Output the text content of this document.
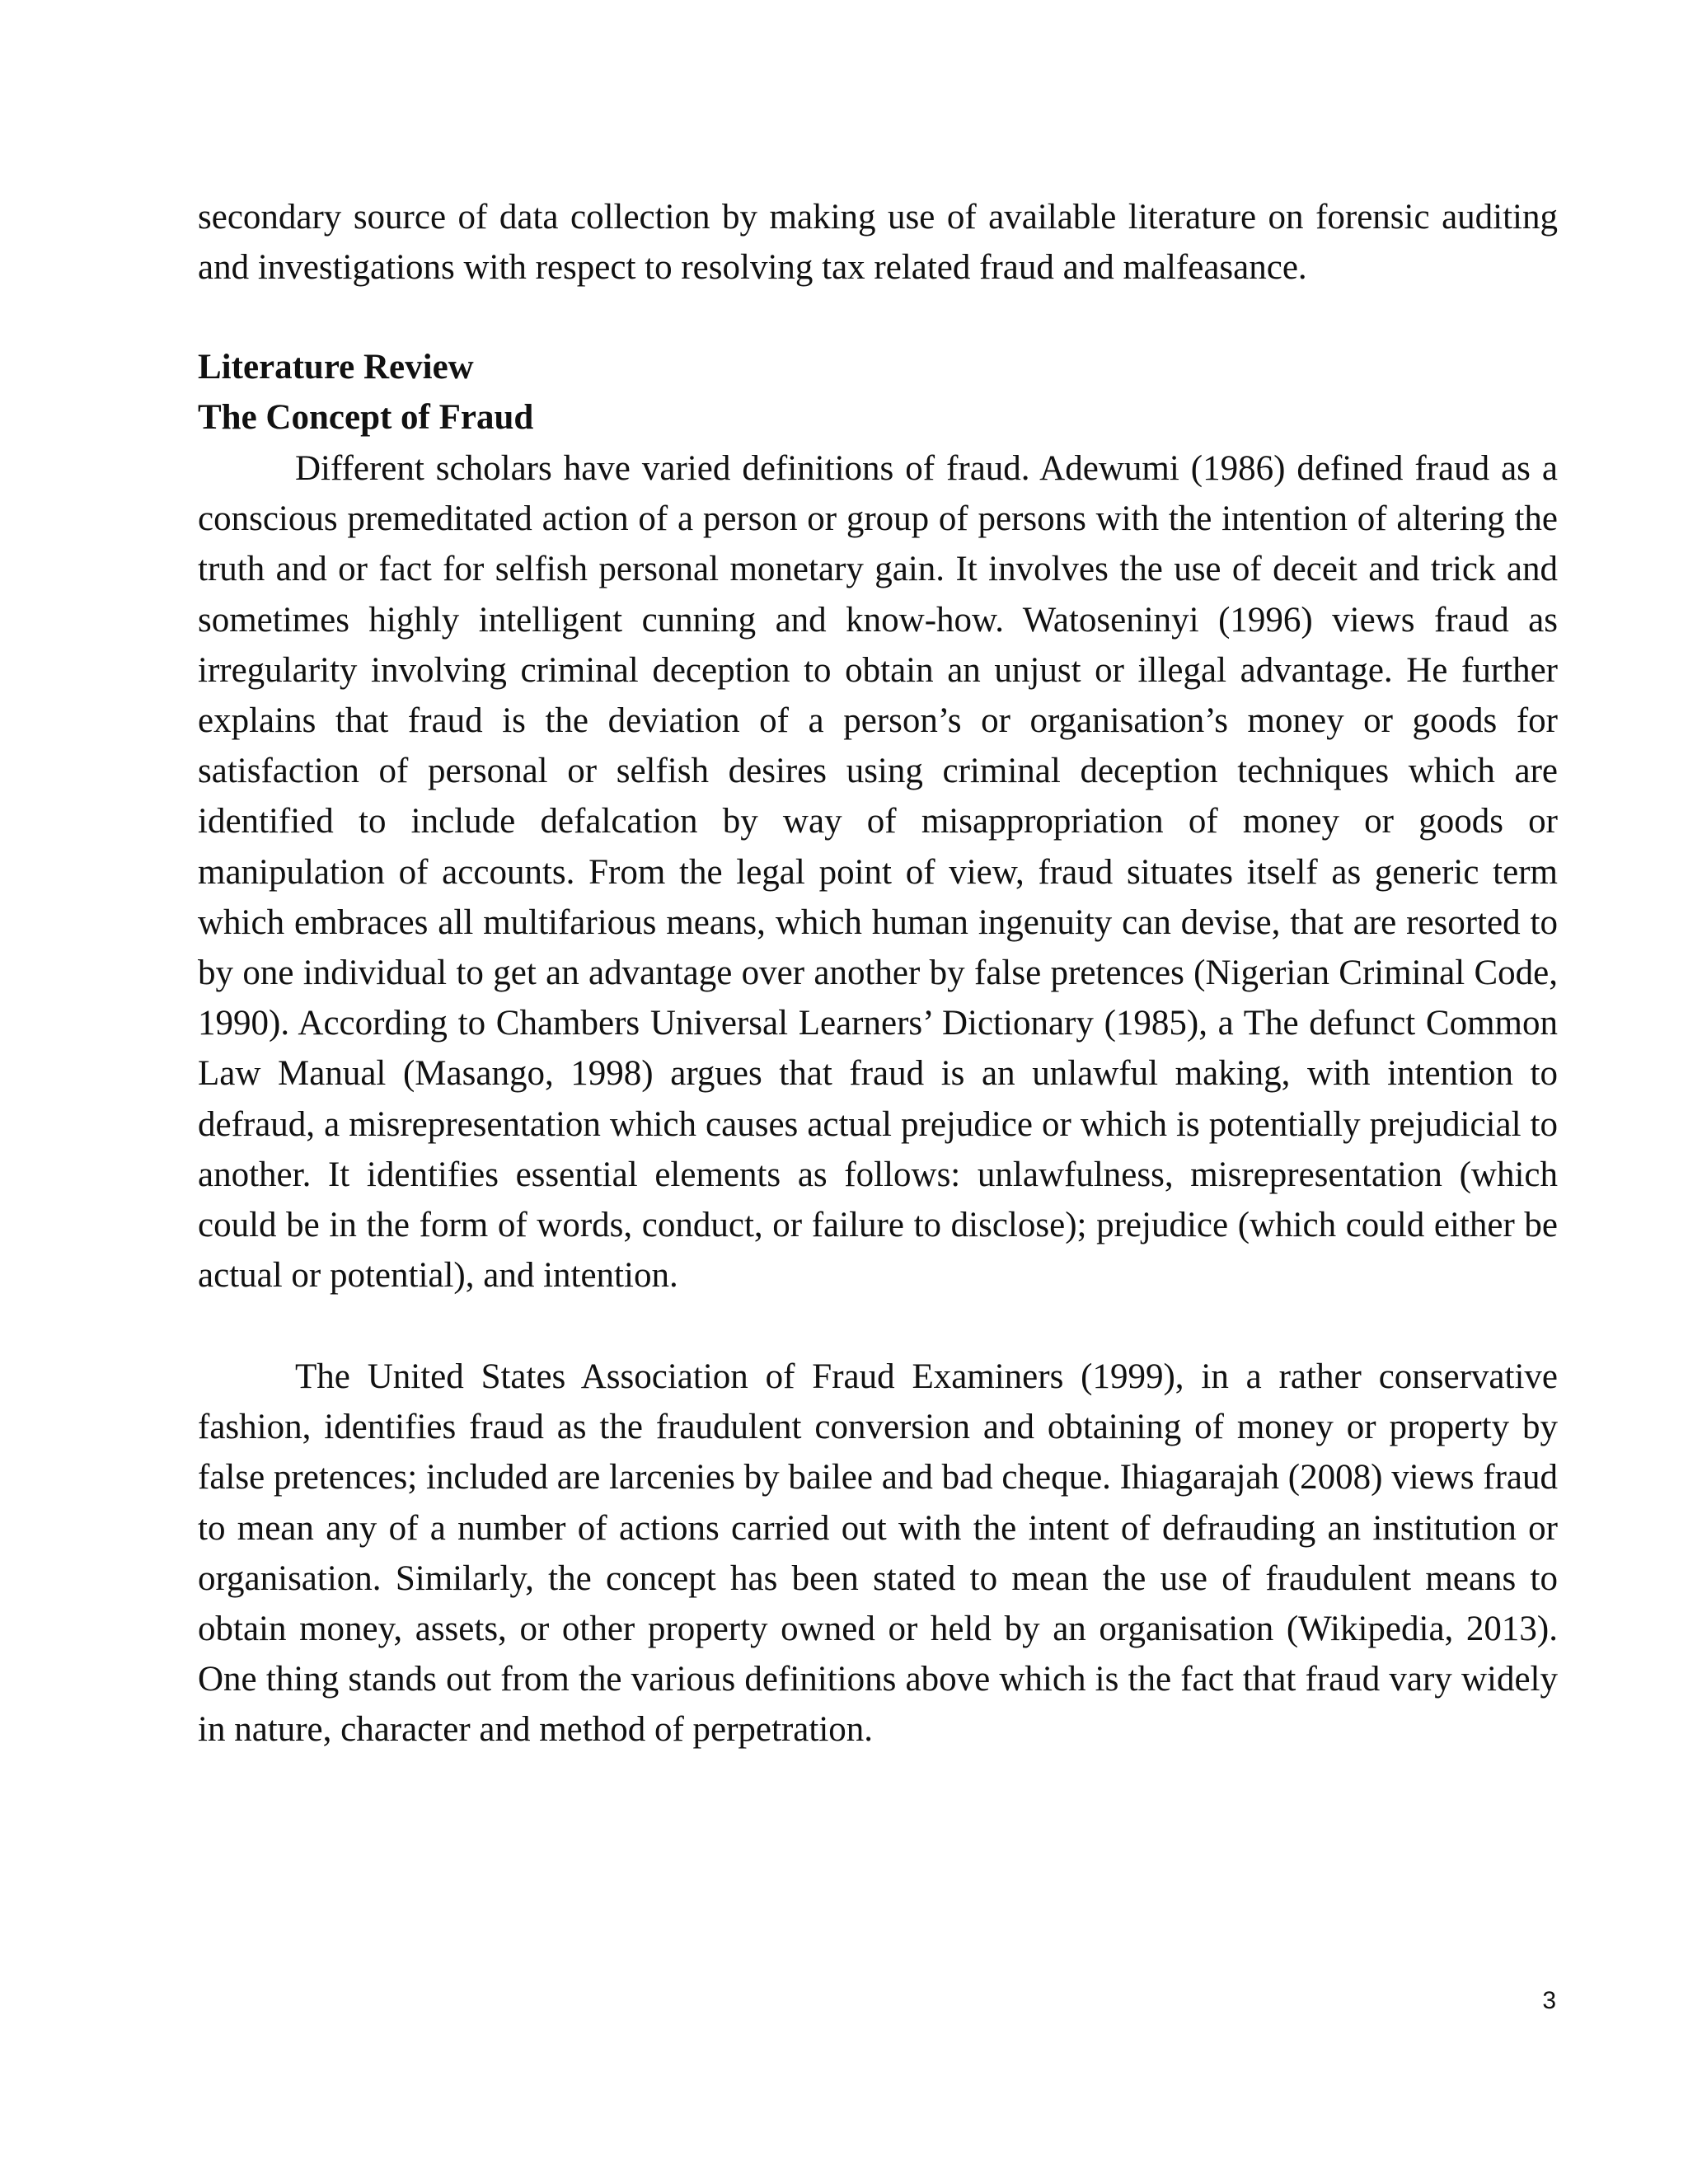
secondary source of data collection by making use of available literature on forensic auditing and investigations with respect to resolving tax related fraud and malfeasance.

Literature Review
The Concept of Fraud

Different scholars have varied definitions of fraud. Adewumi (1986) defined fraud as a conscious premeditated action of a person or group of persons with the intention of altering the truth and or fact for selfish personal monetary gain. It involves the use of deceit and trick and sometimes highly intelligent cunning and know-how. Watoseninyi (1996) views fraud as irregularity involving criminal deception to obtain an unjust or illegal advantage. He further explains that fraud is the deviation of a person’s or organisation’s money or goods for satisfaction of personal or selfish desires using criminal deception techniques which are identified to include defalcation by way of misappropriation of money or goods or manipulation of accounts. From the legal point of view, fraud situates itself as generic term which embraces all multifarious means, which human ingenuity can devise, that are resorted to by one individual to get an advantage over another by false pretences (Nigerian Criminal Code, 1990). According to Chambers Universal Learners’ Dictionary (1985), a The defunct Common Law Manual (Masango, 1998) argues that fraud is an unlawful making, with intention to defraud, a misrepresentation which causes actual prejudice or which is potentially prejudicial to another. It identifies essential elements as follows: unlawfulness, misrepresentation (which could be in the form of words, conduct, or failure to disclose); prejudice (which could either be actual or potential), and intention.

The United States Association of Fraud Examiners (1999), in a rather conservative fashion, identifies fraud as the fraudulent conversion and obtaining of money or property by false pretences; included are larcenies by bailee and bad cheque. Ihiagarajah (2008) views fraud to mean any of a number of actions carried out with the intent of defrauding an institution or organisation. Similarly, the concept has been stated to mean the use of fraudulent means to obtain money, assets, or other property owned or held by an organisation (Wikipedia, 2013). One thing stands out from the various definitions above which is the fact that fraud vary widely in nature, character and method of perpetration.

3
